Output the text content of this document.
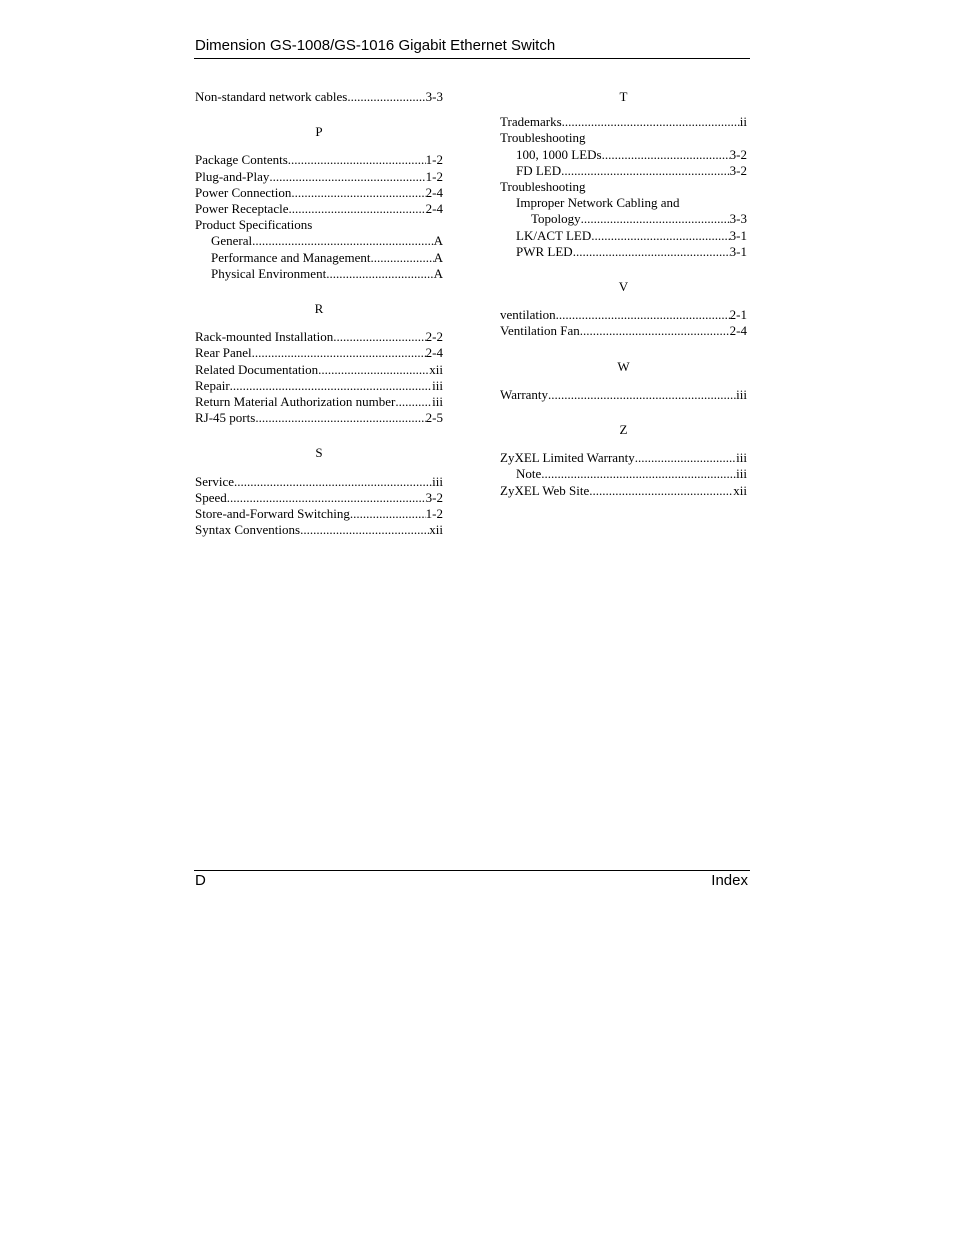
Dimension GS-1008/GS-1016 Gigabit Ethernet Switch
Non-standard network cables .....	3-3
P
Package Contents .....	1-2
Plug-and-Play .....	1-2
Power Connection .....	2-4
Power Receptacle .....	2-4
Product Specifications
General .....	A
Performance and Management .....	A
Physical Environment .....	A
R
Rack-mounted Installation .....	2-2
Rear Panel .....	2-4
Related Documentation .....	xii
Repair .....	iii
Return Material Authorization number .....	iii
RJ-45 ports .....	2-5
S
Service .....	iii
Speed .....	3-2
Store-and-Forward Switching .....	1-2
Syntax Conventions .....	xii
T
Trademarks .....	ii
Troubleshooting
100, 1000 LEDs .....	3-2
FD LED .....	3-2
Troubleshooting
Improper Network Cabling and
Topology .....	3-3
LK/ACT LED .....	3-1
PWR LED .....	3-1
V
ventilation .....	2-1
Ventilation Fan .....	2-4
W
Warranty .....	iii
Z
ZyXEL Limited Warranty .....	iii
Note .....	iii
ZyXEL Web Site .....	xii
D	Index
